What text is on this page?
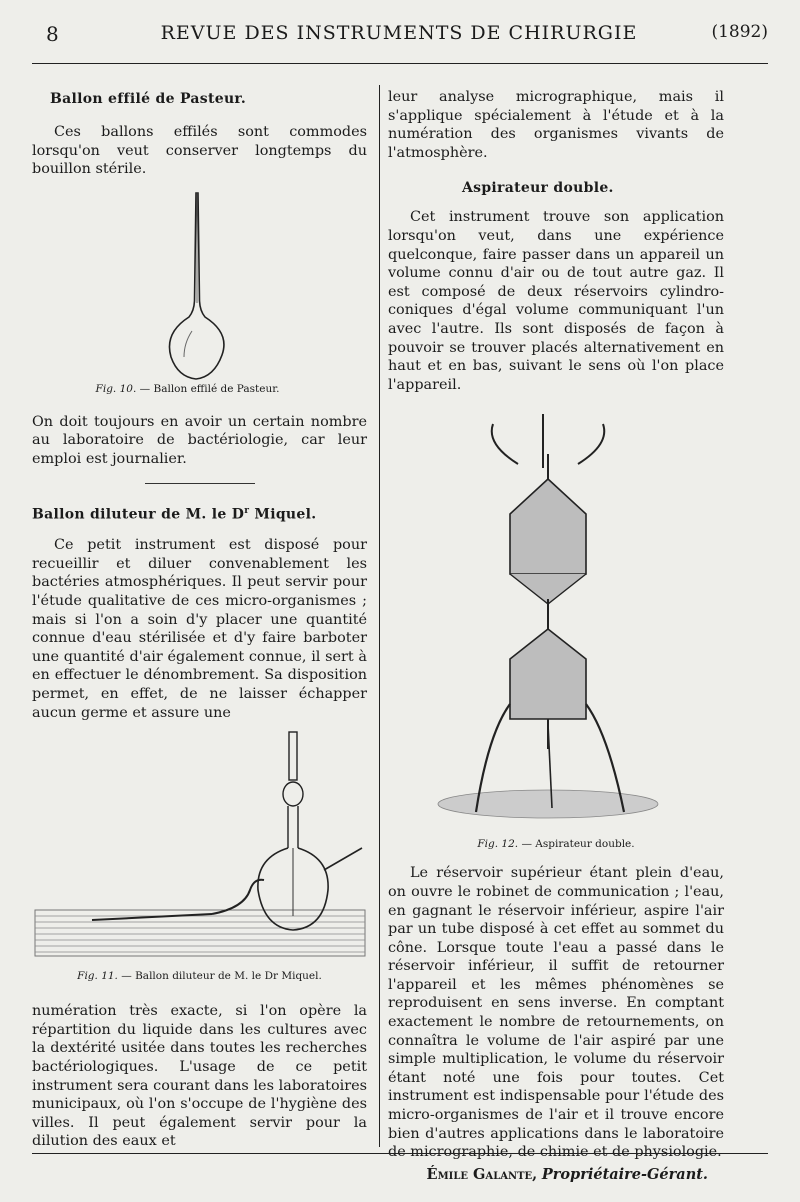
8	REVUE DES INSTRUMENTS DE CHIRURGIE	(1892)
Ballon effilé de Pasteur.

Ces ballons effilés sont commodes lorsqu'on veut conserver longtemps du bouillon stérile.

Fig. 10. — Ballon effilé de Pasteur.

On doit toujours en avoir un certain nombre au laboratoire de bactériologie, car leur emploi est journalier.

Ballon diluteur de M. le $D^r$ Miquel.

Ce petit instrument est disposé pour recueillir et diluer convenablement les bactéries atmosphériques. Il peut servir pour l'étude qualitative de ces micro-organismes ; mais si l'on a soin d'y placer une quantité connue d'eau stérilisée et d'y faire barboter une quantité d'air également connue, il sert à en effectuer le dénombrement. Sa disposition permet, en effet, de ne laisser échapper aucun germe et assure une

Fig. 11. — Ballon diluteur de M. le Dr Miquel.

numération très exacte, si l'on opère la répartition du liquide dans les cultures avec la dextérité usitée dans toutes les recherches bactériologiques. L'usage de ce petit instrument sera courant dans les laboratoires municipaux, où l'on s'occupe de l'hygiène des villes. Il peut également servir pour la dilution des eaux et

leur analyse micrographique, mais il s'applique spécialement à l'étude et à la numération des organismes vivants de l'atmosphère.

Aspirateur double.

Cet instrument trouve son application lorsqu'on veut, dans une expérience quelconque, faire passer dans un appareil un volume connu d'air ou de tout autre gaz. Il est composé de deux réservoirs cylindro-coniques d'égal volume communiquant l'un avec l'autre. Ils sont disposés de façon à pouvoir se trouver placés alternativement en haut et en bas, suivant le sens où l'on place l'appareil.

Fig. 12. — Aspirateur double.

Le réservoir supérieur étant plein d'eau, on ouvre le robinet de communication ; l'eau, en gagnant le réservoir inférieur, aspire l'air par un tube disposé à cet effet au sommet du cône. Lorsque toute l'eau a passé dans le réservoir inférieur, il suffit de retourner l'appareil et les mêmes phénomènes se reproduisent en sens inverse. En comptant exactement le nombre de retournements, on connaîtra le volume de l'air aspiré par une simple multiplication, le volume du réservoir étant noté une fois pour toutes. Cet instrument est indispensable pour l'étude des micro-organismes de l'air et il trouve encore bien d'autres applications dans le laboratoire de micrographie, de chimie et de physiologie.

Émile Galante, Propriétaire-Gérant.
